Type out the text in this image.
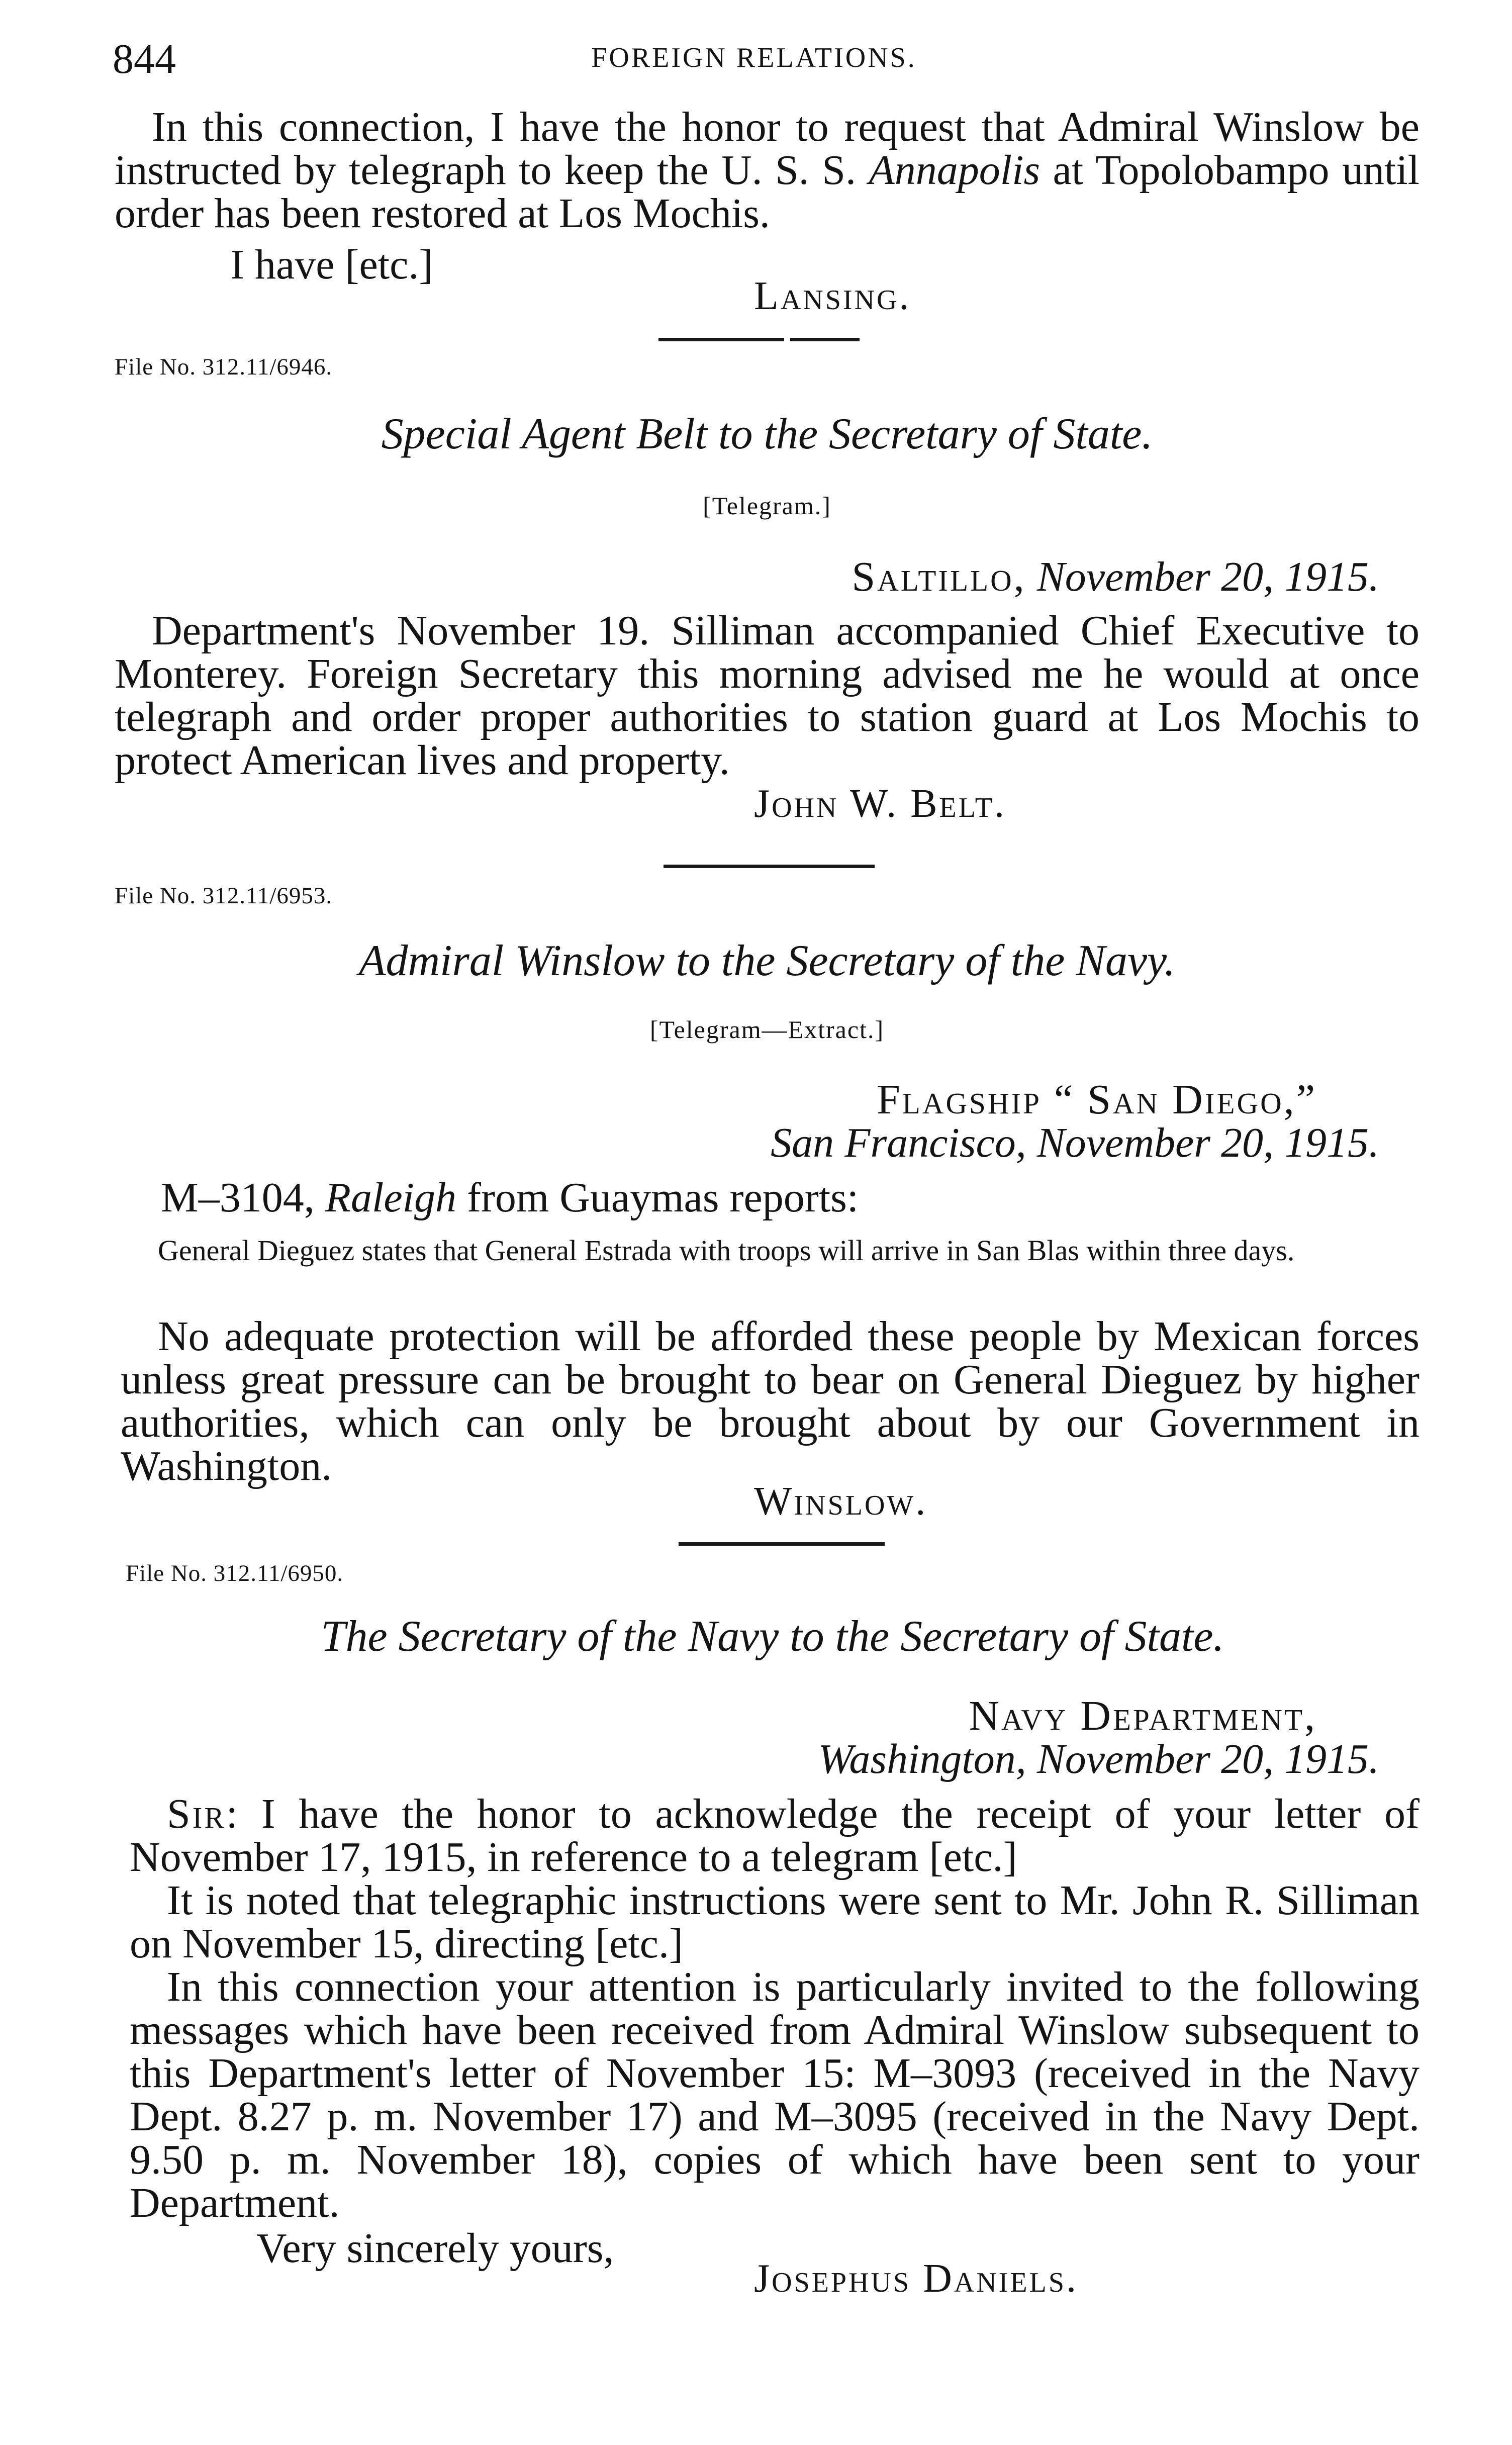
844	FOREIGN RELATIONS.
In this connection, I have the honor to request that Admiral Winslow be instructed by telegraph to keep the U. S. S. Annapolis at Topolobampo until order has been restored at Los Mochis.
I have [etc.]
Lansing.
File No. 312.11/6946.
Special Agent Belt to the Secretary of State.
[Telegram.]
Saltillo, November 20, 1915.
Department's November 19. Silliman accompanied Chief Executive to Monterey. Foreign Secretary this morning advised me he would at once telegraph and order proper authorities to station guard at Los Mochis to protect American lives and property.
John W. Belt.
File No. 312.11/6953.
Admiral Winslow to the Secretary of the Navy.
[Telegram—Extract.]
Flagship “ San Diego,”
San Francisco, November 20, 1915.
M–3104, Raleigh from Guaymas reports:
General Dieguez states that General Estrada with troops will arrive in San Blas within three days.
No adequate protection will be afforded these people by Mexican forces unless great pressure can be brought to bear on General Dieguez by higher authorities, which can only be brought about by our Government in Washington.
Winslow.
File No. 312.11/6950.
The Secretary of the Navy to the Secretary of State.
Navy Department,
Washington, November 20, 1915.
Sir: I have the honor to acknowledge the receipt of your letter of November 17, 1915, in reference to a telegram [etc.]
It is noted that telegraphic instructions were sent to Mr. John R. Silliman on November 15, directing [etc.]
In this connection your attention is particularly invited to the following messages which have been received from Admiral Winslow subsequent to this Department's letter of November 15: M–3093 (received in the Navy Dept. 8.27 p. m. November 17) and M–3095 (received in the Navy Dept. 9.50 p. m. November 18), copies of which have been sent to your Department.
Very sincerely yours,
Josephus Daniels.
